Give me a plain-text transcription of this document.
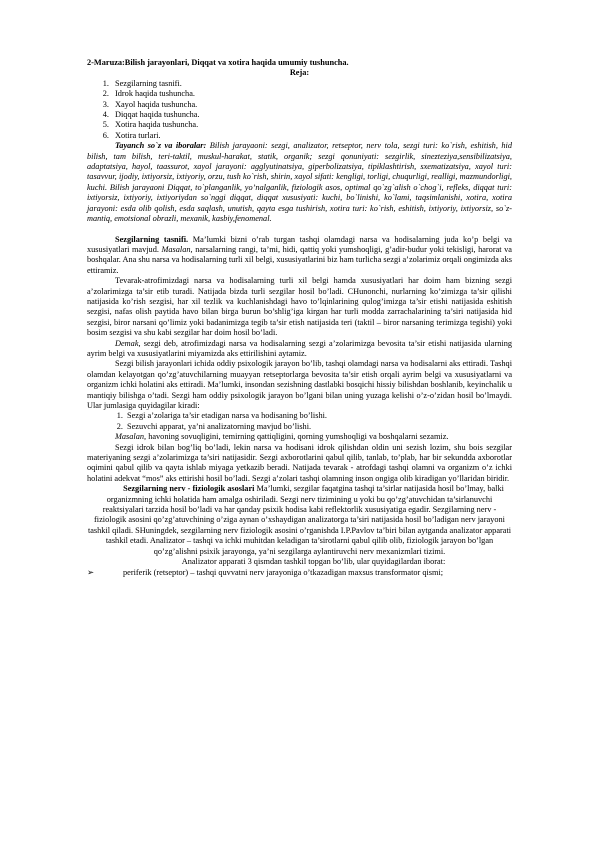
2-Maruza:Bilish jarayonlari, Diqqat va xotira haqida umumiy tushuncha.

Reja:

1. Sezgilarning tasnifi.
2. Idrok haqida tushuncha.
3. Xayol haqida tushuncha.
4. Diqqat haqida tushuncha.
5. Xotira haqida tushuncha.
6. Xotira turlari.

Tayanch so`z va iboralar: Bilish jarayaoni: sezgi, analizator, retseptor, nerv tola, sezgi turi: ko`rish, eshitish, hid bilish, tam bilish, teri-taktil, muskul-harakat, statik, organik; sezgi qonuniyati: sezgirlik, sinezteziya,sensibilizatsiya, adaptatsiya, hayol, taassurot, xayol jarayoni: agglyutinatsiya, giperbolizatsiya, tipiklashtirish, sxematizatsiya, xayol turi: tasavvur, ijodiy, ixtiyorsiz, ixtiyoriy, orzu, tush ko`rish, shirin, xayol sifati: kengligi, torligi, chuqurligi, realligi, mazmundorligi, kuchi. Bilish jarayaoni Diqqat, to`planganlik, yo’nalganlik, fiziologik asos, optimal qo`zg`alish o`chog`i, refleks, diqqat turi: ixtiyorsiz, ixtiyoriy, ixtiyoriydan so`nggi diqqat, diqqat xususiyati: kuchi, bo`linishi, ko`lami, taqsimlanishi, xotira, xotira jarayoni: esda olib qolish, esda saqlash, unutish, qayta esga tushirish, xotira turi: ko`rish, eshitish, ixtiyoriy, ixtiyorsiz, so`z-mantiq, emotsional obrazli, mexanik, kasbiy,fenomenal.

Sezgilarning tasnifi. Ma’lumki bizni o’rab turgan tashqi olamdagi narsa va hodisalarning juda ko’p belgi va xususiyatlari mavjud. Masalan, narsalarning rangi, ta’mi, hidi, qattiq yoki yumshoqligi, g’adir-budur yoki tekisligi, harorat va boshqalar. Ana shu narsa va hodisalarning turli xil belgi, xususiyatlarini biz ham turlicha sezgi a’zolarimiz orqali ongimizda aks ettiramiz.

Tevarak-atrofimizdagi narsa va hodisalarning turli xil belgi hamda xususiyatlari har doim ham bizning sezgi a’zolarimizga ta’sir etib turadi. Natijada bizda turli sezgilar hosil bo’ladi. CHunonchi, nurlarning ko’zimizga ta’sir qilishi natijasida ko’rish sezgisi, har xil tezlik va kuchlanishdagi havo to’lqinlarining qulog’imizga ta’sir etishi natijasida eshitish sezgisi, nafas olish paytida havo bilan birga burun bo’shlig’iga kirgan har turli modda zarrachalarining ta’siri natijasida hid sezgisi, biror narsani qo’limiz yoki badanimizga tegib ta’sir etish natijasida teri (taktil – biror narsaning terimizga tegishi) yoki bosim sezgisi va shu kabi sezgilar har doim hosil bo’ladi.

Demak, sezgi deb, atrofimizdagi narsa va hodisalarning sezgi a’zolarimizga bevosita ta’sir etishi natijasida ularning ayrim belgi va xususiyatlarini miyamizda aks ettirilishini aytamiz.

Sezgi bilish jarayonlari ichida oddiy psixologik jarayon bo’lib, tashqi olamdagi narsa va hodisalarni aks ettiradi. Tashqi olamdan kelayotgan qo’zg’atuvchilarning muayyan retseptorlarga bevosita ta’sir etish orqali ayrim belgi va xususiyatlarni va organizm ichki holatini aks ettiradi. Ma’lumki, insondan sezishning dastlabki bosqichi hissiy bilishdan boshlanib, keyinchalik u mantiqiy bilishga o’tadi. Sezgi ham oddiy psixologik jarayon bo’lgani bilan uning yuzaga kelishi o’z-o’zidan hosil bo’lmaydi. Ular jumlasiga quyidagilar kiradi:

1. Sezgi a’zolariga ta’sir etadigan narsa va hodisaning bo’lishi.
2. Sezuvchi apparat, ya’ni analizatorning mavjud bo’lishi.

Masalan, havoning sovuqligini, temirning qattiqligini, qorning yumshoqligi va boshqalarni sezamiz.

Sezgi idrok bilan bog’liq bo’ladi, lekin narsa va hodisani idrok qilishdan oldin uni sezish lozim, shu bois sezgilar materiyaning sezgi a’zolarimizga ta’siri natijasidir. Sezgi axborotlarini qabul qilib, tanlab, to’plab, har bir sekundda axborotlar oqimini qabul qilib va qayta ishlab miyaga yetkazib beradi. Natijada tevarak - atrofdagi tashqi olamni va organizm o’z ichki holatini adekvat “mos” aks ettirishi hosil bo’ladi. Sezgi a’zolari tashqi olamning inson ongiga olib kiradigan yo’llaridan biridir.

Sezgilarning nerv - fiziologik asoslari Ma’lumki, sezgilar faqatgina tashqi ta’sirlar natijasida hosil bo’lmay, balki organizmning ichki holatida ham amalga oshiriladi. Sezgi nerv tizimining u yoki bu qo’zg’atuvchidan ta’sirlanuvchi reaktsiyalari tarzida hosil bo’ladi va har qanday psixik hodisa kabi reflektorlik xususiyatiga egadir. Sezgilarning nerv - fiziologik asosini qo’zg’atuvchining o’ziga aynan o’xshaydigan analizatorga ta’siri natijasida hosil bo’ladigan nerv jarayoni tashkil qiladi. SHuningdek, sezgilarning nerv fiziologik asosini o’rganishda I.P.Pavlov ta’biri bilan aytganda analizator apparati tashkil etadi. Analizator – tashqi va ichki muhitdan keladigan ta’sirotlarni qabul qilib olib, fiziologik jarayon bo’lgan qo’zg’alishni psixik jarayonga, ya’ni sezgilarga aylantiruvchi nerv mexanizmlari tizimi.

Analizator apparati 3 qismdan tashkil topgan bo’lib, ular quyidagilardan iborat:

➢	periferik (retseptor) – tashqi quvvatni nerv jarayoniga o’tkazadigan maxsus transformator qismi;
